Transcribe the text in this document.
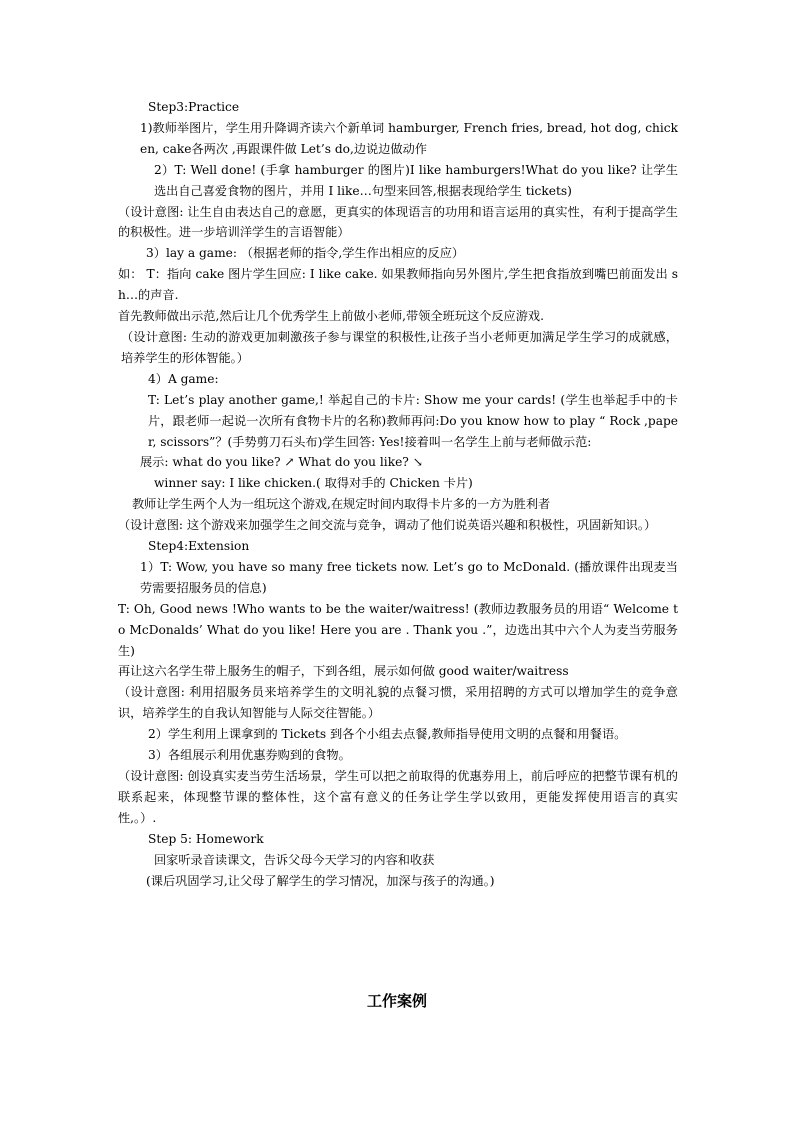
Step3:Practice

1)教师举图片，学生用升降调齐读六个新单词 hamburger, French fries, bread, hot dog, chicken, cake各两次 ,再跟课件做 Let’s do,边说边做动作

2）T: Well done! (手拿 hamburger 的图片)I like hamburgers!What do you like? 让学生选出自己喜爱食物的图片，并用 I like…句型来回答,根据表现给学生 tickets)

（设计意图: 让生自由表达自己的意愿，更真实的体现语言的功用和语言运用的真实性，有利于提高学生的积极性。进一步培训洋学生的言语智能）

3）lay a game: （根据老师的指令,学生作出相应的反应）

如： T：指向 cake 图片学生回应: I like cake. 如果教师指向另外图片,学生把食指放到嘴巴前面发出 sh…的声音.

首先教师做出示范,然后让几个优秀学生上前做小老师,带领全班玩这个反应游戏.

（设计意图: 生动的游戏更加刺激孩子参与课堂的积极性,让孩子当小老师更加满足学生学习的成就感，培养学生的形体智能。）

4）A game:

T: Let’s play another game,! 举起自己的卡片: Show me your cards! (学生也举起手中的卡片，跟老师一起说一次所有食物卡片的名称)教师再问:Do you know how to play “ Rock ,paper, scissors”？(手势剪刀石头布)学生回答: Yes!接着叫一名学生上前与老师做示范:

展示: what do you like? ↗ What do you like? ↘

winner say: I like chicken.( 取得对手的 Chicken 卡片)

教师让学生两个人为一组玩这个游戏,在规定时间内取得卡片多的一方为胜利者

（设计意图: 这个游戏来加强学生之间交流与竞争，调动了他们说英语兴趣和积极性，巩固新知识。）

Step4:Extension

1）T: Wow, you have so many free tickets now. Let’s go to McDonald. (播放课件出现麦当劳需要招服务员的信息)

T: Oh, Good news !Who wants to be the waiter/waitress! (教师边教服务员的用语“ Welcome to McDonalds’ What do you like! Here you are . Thank you .”，边选出其中六个人为麦当劳服务生)

再让这六名学生带上服务生的帽子，下到各组，展示如何做 good waiter/waitress

（设计意图: 利用招服务员来培养学生的文明礼貌的点餐习惯，采用招聘的方式可以增加学生的竞争意识，培养学生的自我认知智能与人际交往智能。）

2）学生利用上课拿到的 Tickets 到各个小组去点餐,教师指导使用文明的点餐和用餐语。

3）各组展示利用优惠券购到的食物。

（设计意图: 创设真实麦当劳生活场景，学生可以把之前取得的优惠券用上，前后呼应的把整节课有机的联系起来，体现整节课的整体性，这个富有意义的任务让学生学以致用，更能发挥使用语言的真实性,。）.

Step 5: Homework

回家听录音读课文，告诉父母今天学习的内容和收获

(课后巩固学习,让父母了解学生的学习情况，加深与孩子的沟通。)

工作案例
